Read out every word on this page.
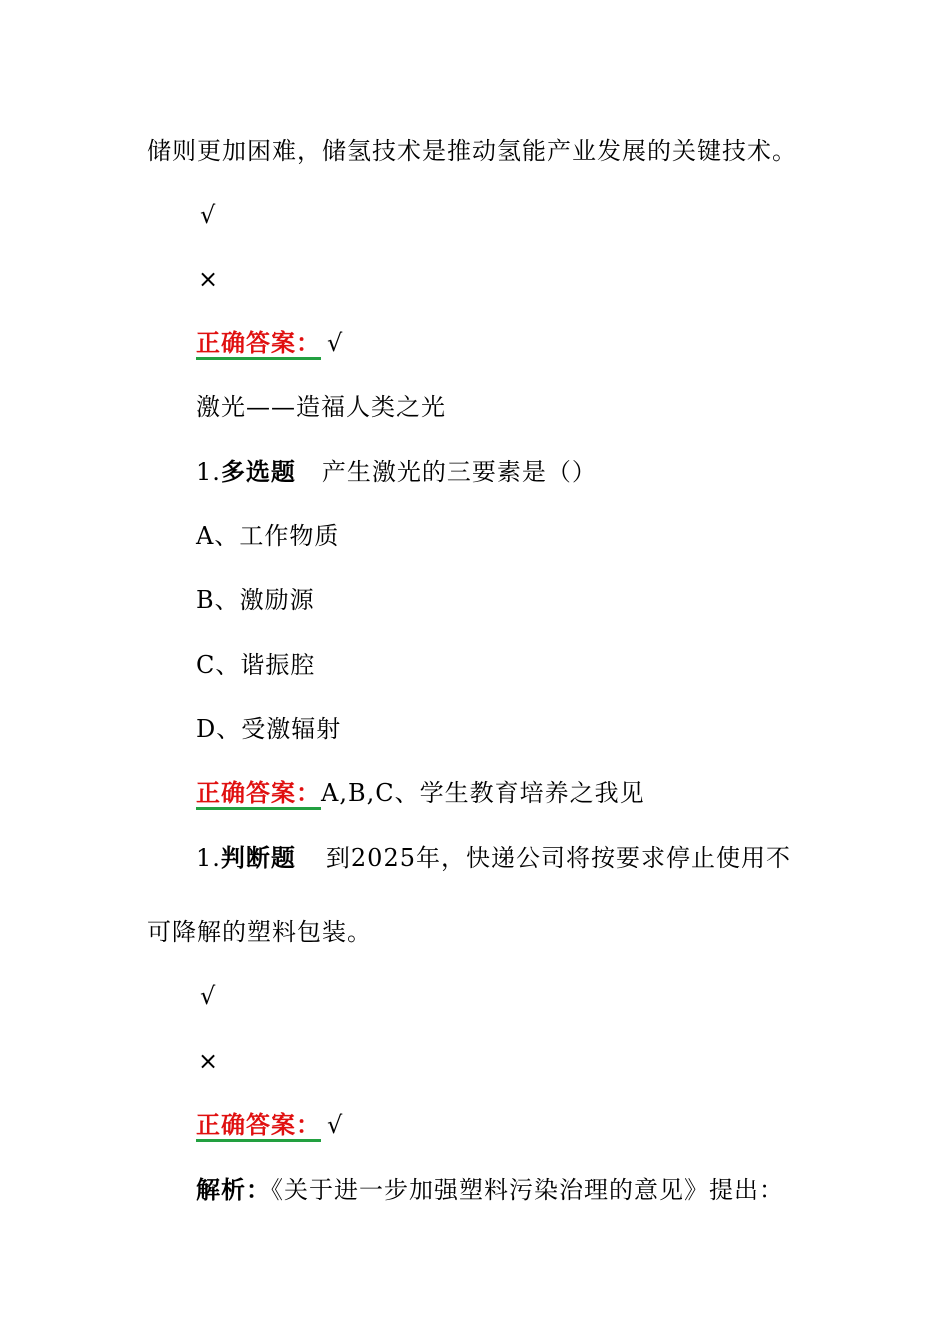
储则更加困难，储氢技术是推动氢能产业发展的关键技术。
√
×
正确答案： √
激光——造福人类之光
1.多选题 产生激光的三要素是（）
A、工作物质
B、激励源
C、谐振腔
D、受激辐射
正确答案：A,B,C、学生教育培养之我见
1.判断题 到2025年，快递公司将按要求停止使用不
可降解的塑料包装。
√
×
正确答案： √
解析：《关于进一步加强塑料污染治理的意见》提出：
